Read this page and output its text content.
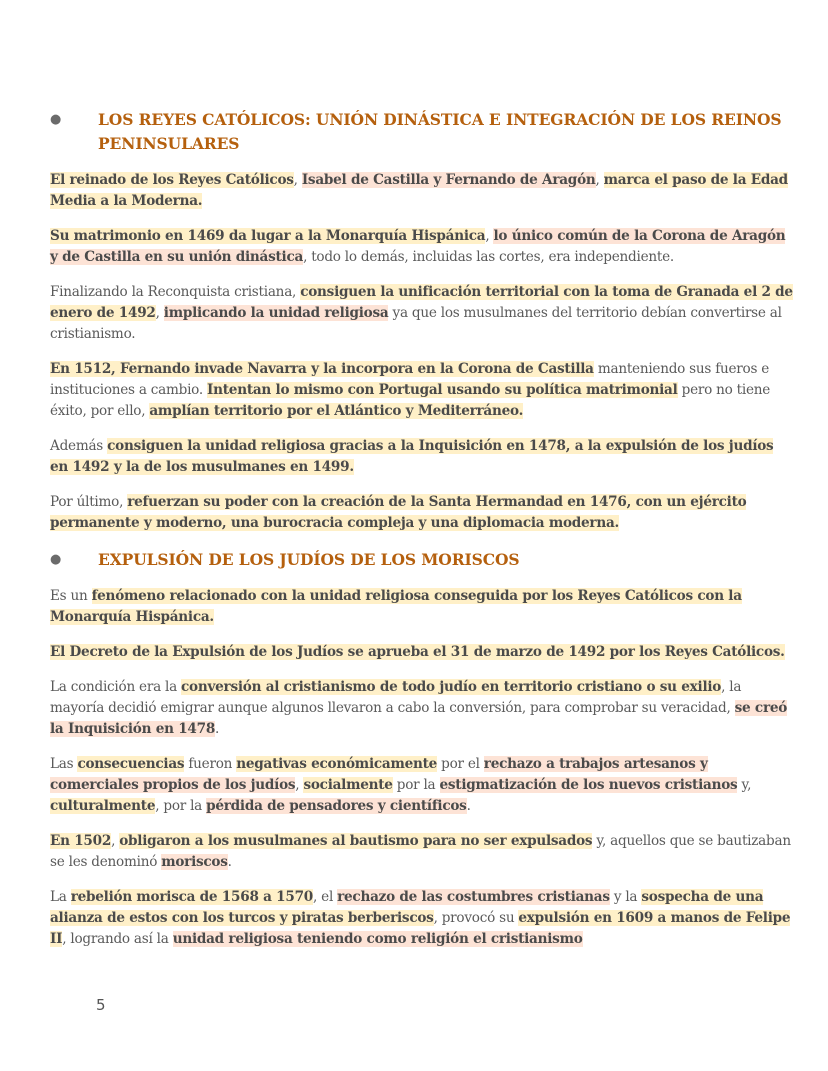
●	LOS REYES CATÓLICOS: UNIÓN DINÁSTICA E INTEGRACIÓN DE LOS REINOS PENINSULARES

El reinado de los Reyes Católicos, Isabel de Castilla y Fernando de Aragón, marca el paso de la Edad Media a la Moderna.

Su matrimonio en 1469 da lugar a la Monarquía Hispánica, lo único común de la Corona de Aragón y de Castilla en su unión dinástica, todo lo demás, incluidas las cortes, era independiente.

Finalizando la Reconquista cristiana, consiguen la unificación territorial con la toma de Granada el 2 de enero de 1492, implicando la unidad religiosa ya que los musulmanes del territorio debían convertirse al cristianismo.

En 1512, Fernando invade Navarra y la incorpora en la Corona de Castilla manteniendo sus fueros e instituciones a cambio. Intentan lo mismo con Portugal usando su política matrimonial pero no tiene éxito, por ello, amplían territorio por el Atlántico y Mediterráneo.

Además consiguen la unidad religiosa gracias a la Inquisición en 1478, a la expulsión de los judíos en 1492 y la de los musulmanes en 1499.

Por último, refuerzan su poder con la creación de la Santa Hermandad en 1476, con un ejército permanente y moderno, una burocracia compleja y una diplomacia moderna.

●	EXPULSIÓN DE LOS JUDÍOS DE LOS MORISCOS

Es un fenómeno relacionado con la unidad religiosa conseguida por los Reyes Católicos con la Monarquía Hispánica.

El Decreto de la Expulsión de los Judíos se aprueba el 31 de marzo de 1492 por los Reyes Católicos.

La condición era la conversión al cristianismo de todo judío en territorio cristiano o su exilio, la mayoría decidió emigrar aunque algunos llevaron a cabo la conversión, para comprobar su veracidad, se creó la Inquisición en 1478.

Las consecuencias fueron negativas económicamente por el rechazo a trabajos artesanos y comerciales propios de los judíos, socialmente por la estigmatización de los nuevos cristianos y, culturalmente, por la pérdida de pensadores y científicos.

En 1502, obligaron a los musulmanes al bautismo para no ser expulsados y, aquellos que se bautizaban se les denominó moriscos.

La rebelión morisca de 1568 a 1570, el rechazo de las costumbres cristianas y la sospecha de una alianza de estos con los turcos y piratas berberiscos, provocó su expulsión en 1609 a manos de Felipe II, logrando así la unidad religiosa teniendo como religión el cristianismo

5
